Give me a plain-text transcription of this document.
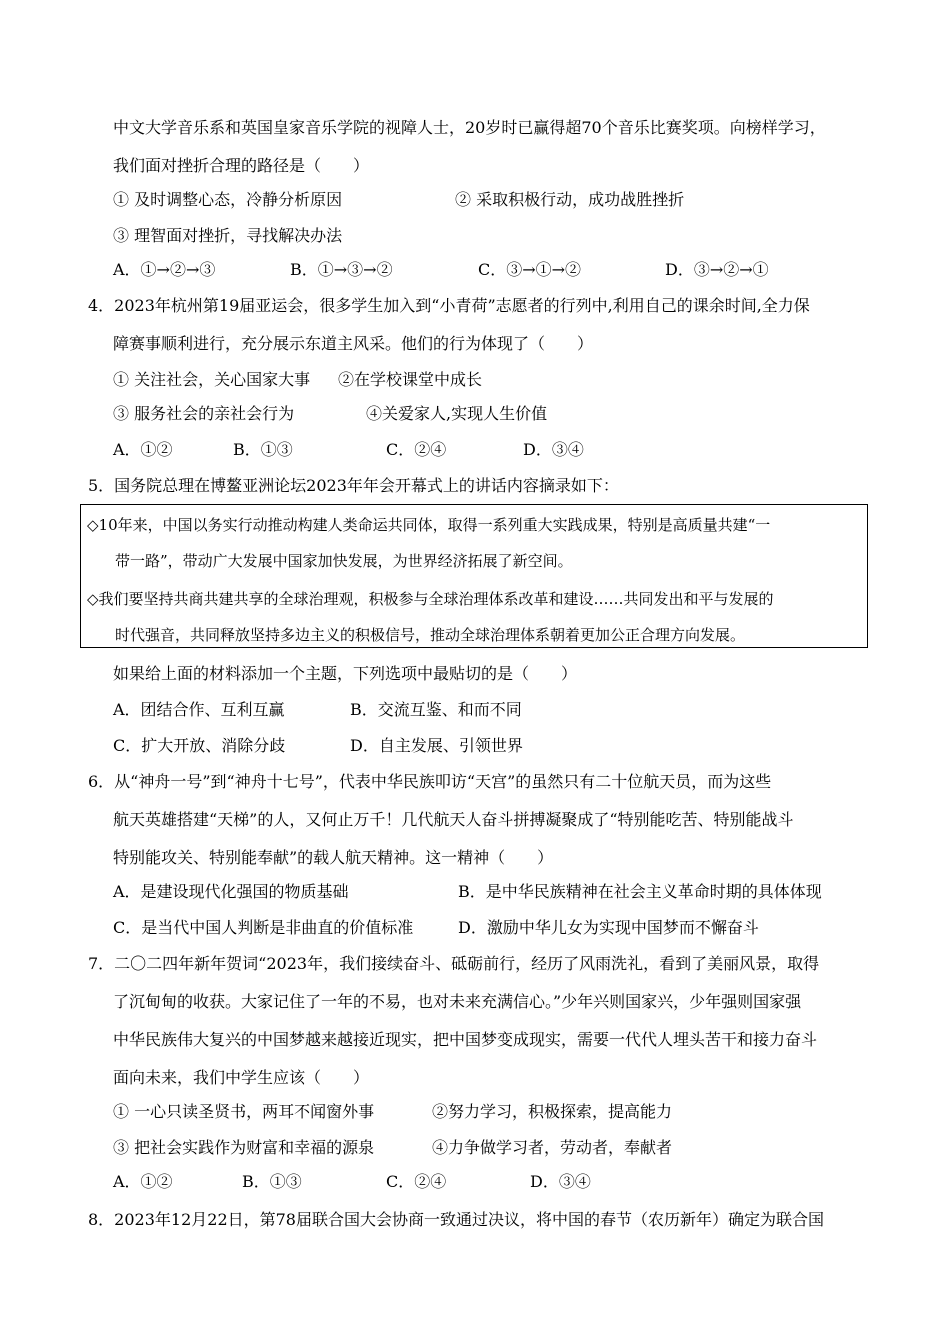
中文大学音乐系和英国皇家音乐学院的视障人士，20岁时已赢得超70个音乐比赛奖项。向榜样学习，
我们面对挫折合理的路径是（　　）
① 及时调整心态，冷静分析原因	② 采取积极行动，成功战胜挫折
③ 理智面对挫折，寻找解决办法
A．①→②→③	B．①→③→②	C．③→①→②	D．③→②→①
4．2023年杭州第19届亚运会，很多学生加入到“小青荷”志愿者的行列中,利用自己的课余时间,全力保
障赛事顺利进行，充分展示东道主风采。他们的行为体现了（　　）
① 关注社会，关心国家大事 ②在学校课堂中成长
③ 服务社会的亲社会行为	④关爱家人,实现人生价值
A．①②	B．①③	C．②④	D．③④
5．国务院总理在博鳌亚洲论坛2023年年会开幕式上的讲话内容摘录如下：
◇10年来，中国以务实行动推动构建人类命运共同体，取得一系列重大实践成果，特别是高质量共建“一
带一路”，带动广大发展中国家加快发展，为世界经济拓展了新空间。
◇我们要坚持共商共建共享的全球治理观，积极参与全球治理体系改革和建设……共同发出和平与发展的
时代强音，共同释放坚持多边主义的积极信号，推动全球治理体系朝着更加公正合理方向发展。
如果给上面的材料添加一个主题，下列选项中最贴切的是（　　）
A．团结合作、互利互赢	B．交流互鉴、和而不同
C．扩大开放、消除分歧	D．自主发展、引领世界
6．从“神舟一号”到“神舟十七号”，代表中华民族叩访“天宫”的虽然只有二十位航天员，而为这些
航天英雄搭建“天梯”的人，又何止万千！几代航天人奋斗拼搏凝聚成了“特别能吃苦、特别能战斗
特别能攻关、特别能奉献”的载人航天精神。这一精神（　　）
A．是建设现代化强国的物质基础	B．是中华民族精神在社会主义革命时期的具体体现
C．是当代中国人判断是非曲直的价值标准	D．激励中华儿女为实现中国梦而不懈奋斗
7．二〇二四年新年贺词“2023年，我们接续奋斗、砥砺前行，经历了风雨洗礼，看到了美丽风景，取得
了沉甸甸的收获。大家记住了一年的不易，也对未来充满信心。”少年兴则国家兴，少年强则国家强
中华民族伟大复兴的中国梦越来越接近现实，把中国梦变成现实，需要一代代人埋头苦干和接力奋斗
面向未来，我们中学生应该（　　）
① 一心只读圣贤书，两耳不闻窗外事	②努力学习，积极探索，提高能力
③ 把社会实践作为财富和幸福的源泉	④力争做学习者，劳动者，奉献者
A．①②	B．①③	C．②④	D．③④
8．2023年12月22日，第78届联合国大会协商一致通过决议，将中国的春节（农历新年）确定为联合国
